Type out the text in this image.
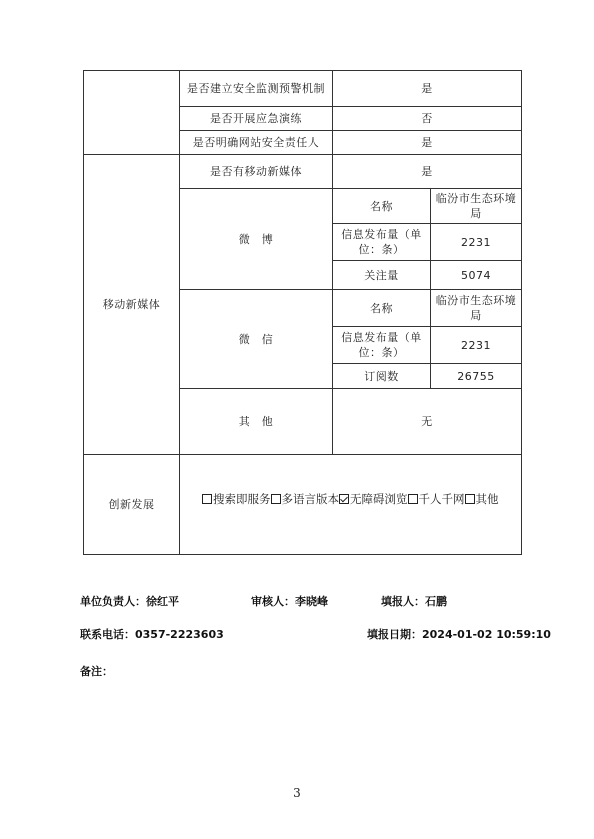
	是否建立安全监测预警机制	是	
	是否开展应急演练	否	
	是否明确网站安全责任人	是	
移动新媒体	是否有移动新媒体	是	
	微　博	名称	临汾市生态环境局
		信息发布量（单位：条）	2231
		关注量	5074
	微　信	名称	临汾市生态环境局
		信息发布量（单位：条）	2231
		订阅数	26755
	其　他	无	
创新发展	搜索即服务 多语言版本 无障碍浏览 千人千网 其他		
单位负责人：徐红平	审核人：李晓峰	填报人：石鹏
联系电话：0357-2223603	填报日期：2024-01-02 10:59:10
备注：
3
